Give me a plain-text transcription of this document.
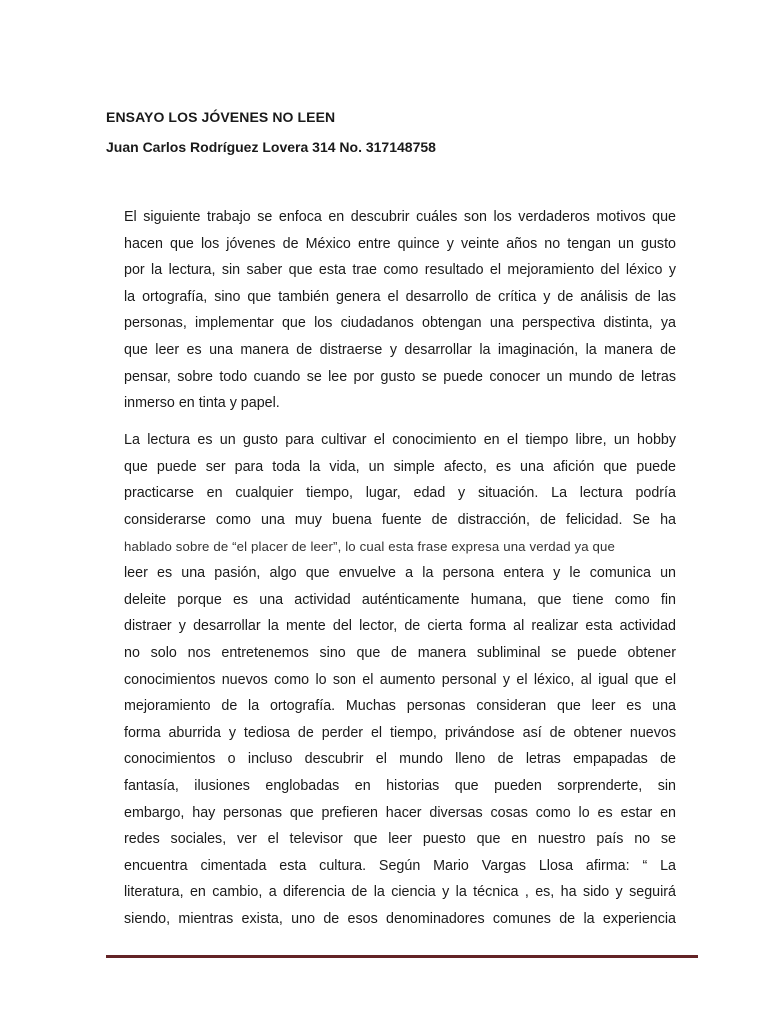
ENSAYO LOS JÓVENES NO LEEN
Juan Carlos Rodríguez Lovera 314 No. 317148758
El siguiente trabajo se enfoca en descubrir cuáles son los verdaderos motivos que
hacen que los jóvenes de México entre quince y veinte años no tengan un gusto
por la lectura, sin saber que esta trae como resultado el mejoramiento del léxico y
la ortografía, sino que también genera el desarrollo de crítica y de análisis de las
personas, implementar que los ciudadanos obtengan una perspectiva distinta, ya
que leer es una manera de distraerse y desarrollar la imaginación, la manera de
pensar, sobre todo cuando se lee por gusto se puede conocer un mundo de letras
inmerso en tinta y papel.
La lectura es un gusto para cultivar el conocimiento en el tiempo libre, un hobby
que puede ser para toda la vida, un simple afecto, es una afición que puede
practicarse en cualquier tiempo, lugar, edad y situación. La lectura podría
considerarse como una muy buena fuente de distracción, de felicidad. Se ha
hablado sobre de “el placer de leer”, lo cual esta frase expresa una verdad ya que
leer es una pasión, algo que envuelve a la persona entera y le comunica un
deleite porque es una actividad auténticamente humana, que tiene como fin
distraer y desarrollar la mente del lector, de cierta forma al realizar esta actividad
no solo nos entretenemos sino que de manera subliminal se puede obtener
conocimientos nuevos como lo son el aumento personal y el léxico, al igual que el
mejoramiento de la ortografía. Muchas personas consideran que leer es una
forma aburrida y tediosa de perder el tiempo, privándose así de obtener nuevos
conocimientos o incluso descubrir el mundo lleno de letras empapadas de
fantasía, ilusiones englobadas en historias que pueden sorprenderte, sin
embargo, hay personas que prefieren hacer diversas cosas como lo es estar en
redes sociales, ver el televisor que leer puesto que en nuestro país no se
encuentra cimentada esta cultura. Según Mario Vargas Llosa afirma: “ La
literatura, en cambio, a diferencia de la ciencia y la técnica , es, ha sido y seguirá
siendo, mientras exista, uno de esos denominadores comunes de la experiencia
